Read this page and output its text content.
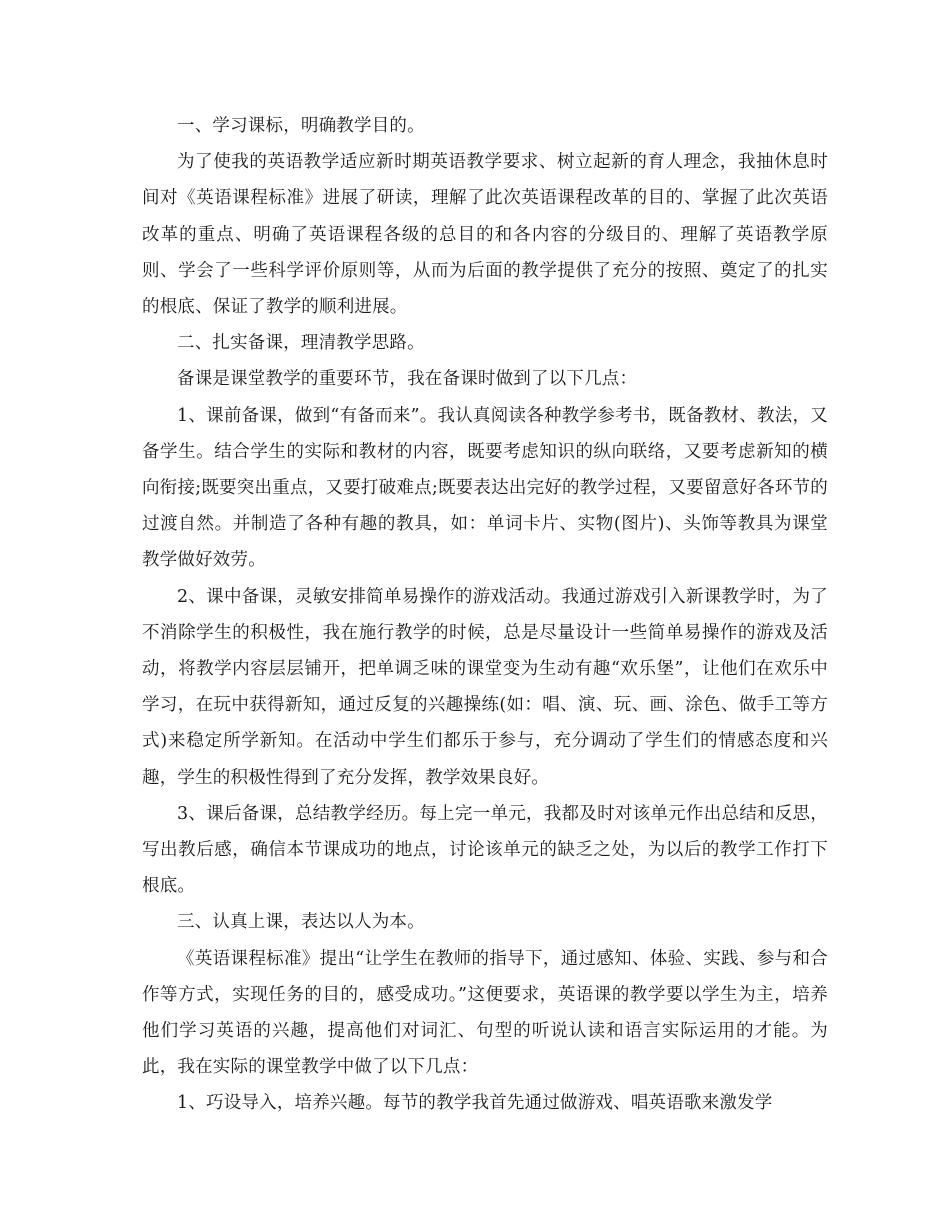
一、学习课标，明确教学目的。

为了使我的英语教学适应新时期英语教学要求、树立起新的育人理念，我抽休息时间对《英语课程标准》进展了研读，理解了此次英语课程改革的目的、掌握了此次英语改革的重点、明确了英语课程各级的总目的和各内容的分级目的、理解了英语教学原则、学会了一些科学评价原则等，从而为后面的教学提供了充分的按照、奠定了的扎实的根底、保证了教学的顺利进展。

二、扎实备课，理清教学思路。

备课是课堂教学的重要环节，我在备课时做到了以下几点：

1、课前备课，做到“有备而来”。我认真阅读各种教学参考书，既备教材、教法，又备学生。结合学生的实际和教材的内容，既要考虑知识的纵向联络，又要考虑新知的横向衔接;既要突出重点，又要打破难点;既要表达出完好的教学过程，又要留意好各环节的过渡自然。并制造了各种有趣的教具，如：单词卡片、实物(图片)、头饰等教具为课堂教学做好效劳。

2、课中备课，灵敏安排简单易操作的游戏活动。我通过游戏引入新课教学时，为了不消除学生的积极性，我在施行教学的时候，总是尽量设计一些简单易操作的游戏及活动，将教学内容层层铺开，把单调乏味的课堂变为生动有趣“欢乐堡”，让他们在欢乐中学习，在玩中获得新知，通过反复的兴趣操练(如：唱、演、玩、画、涂色、做手工等方式)来稳定所学新知。在活动中学生们都乐于参与，充分调动了学生们的情感态度和兴趣，学生的积极性得到了充分发挥，教学效果良好。

3、课后备课，总结教学经历。每上完一单元，我都及时对该单元作出总结和反思，写出教后感，确信本节课成功的地点，讨论该单元的缺乏之处，为以后的教学工作打下根底。

三、认真上课，表达以人为本。

《英语课程标准》提出“让学生在教师的指导下，通过感知、体验、实践、参与和合作等方式，实现任务的目的，感受成功。”这便要求，英语课的教学要以学生为主，培养他们学习英语的兴趣，提高他们对词汇、句型的听说认读和语言实际运用的才能。为此，我在实际的课堂教学中做了以下几点：

1、巧设导入，培养兴趣。每节的教学我首先通过做游戏、唱英语歌来激发学
